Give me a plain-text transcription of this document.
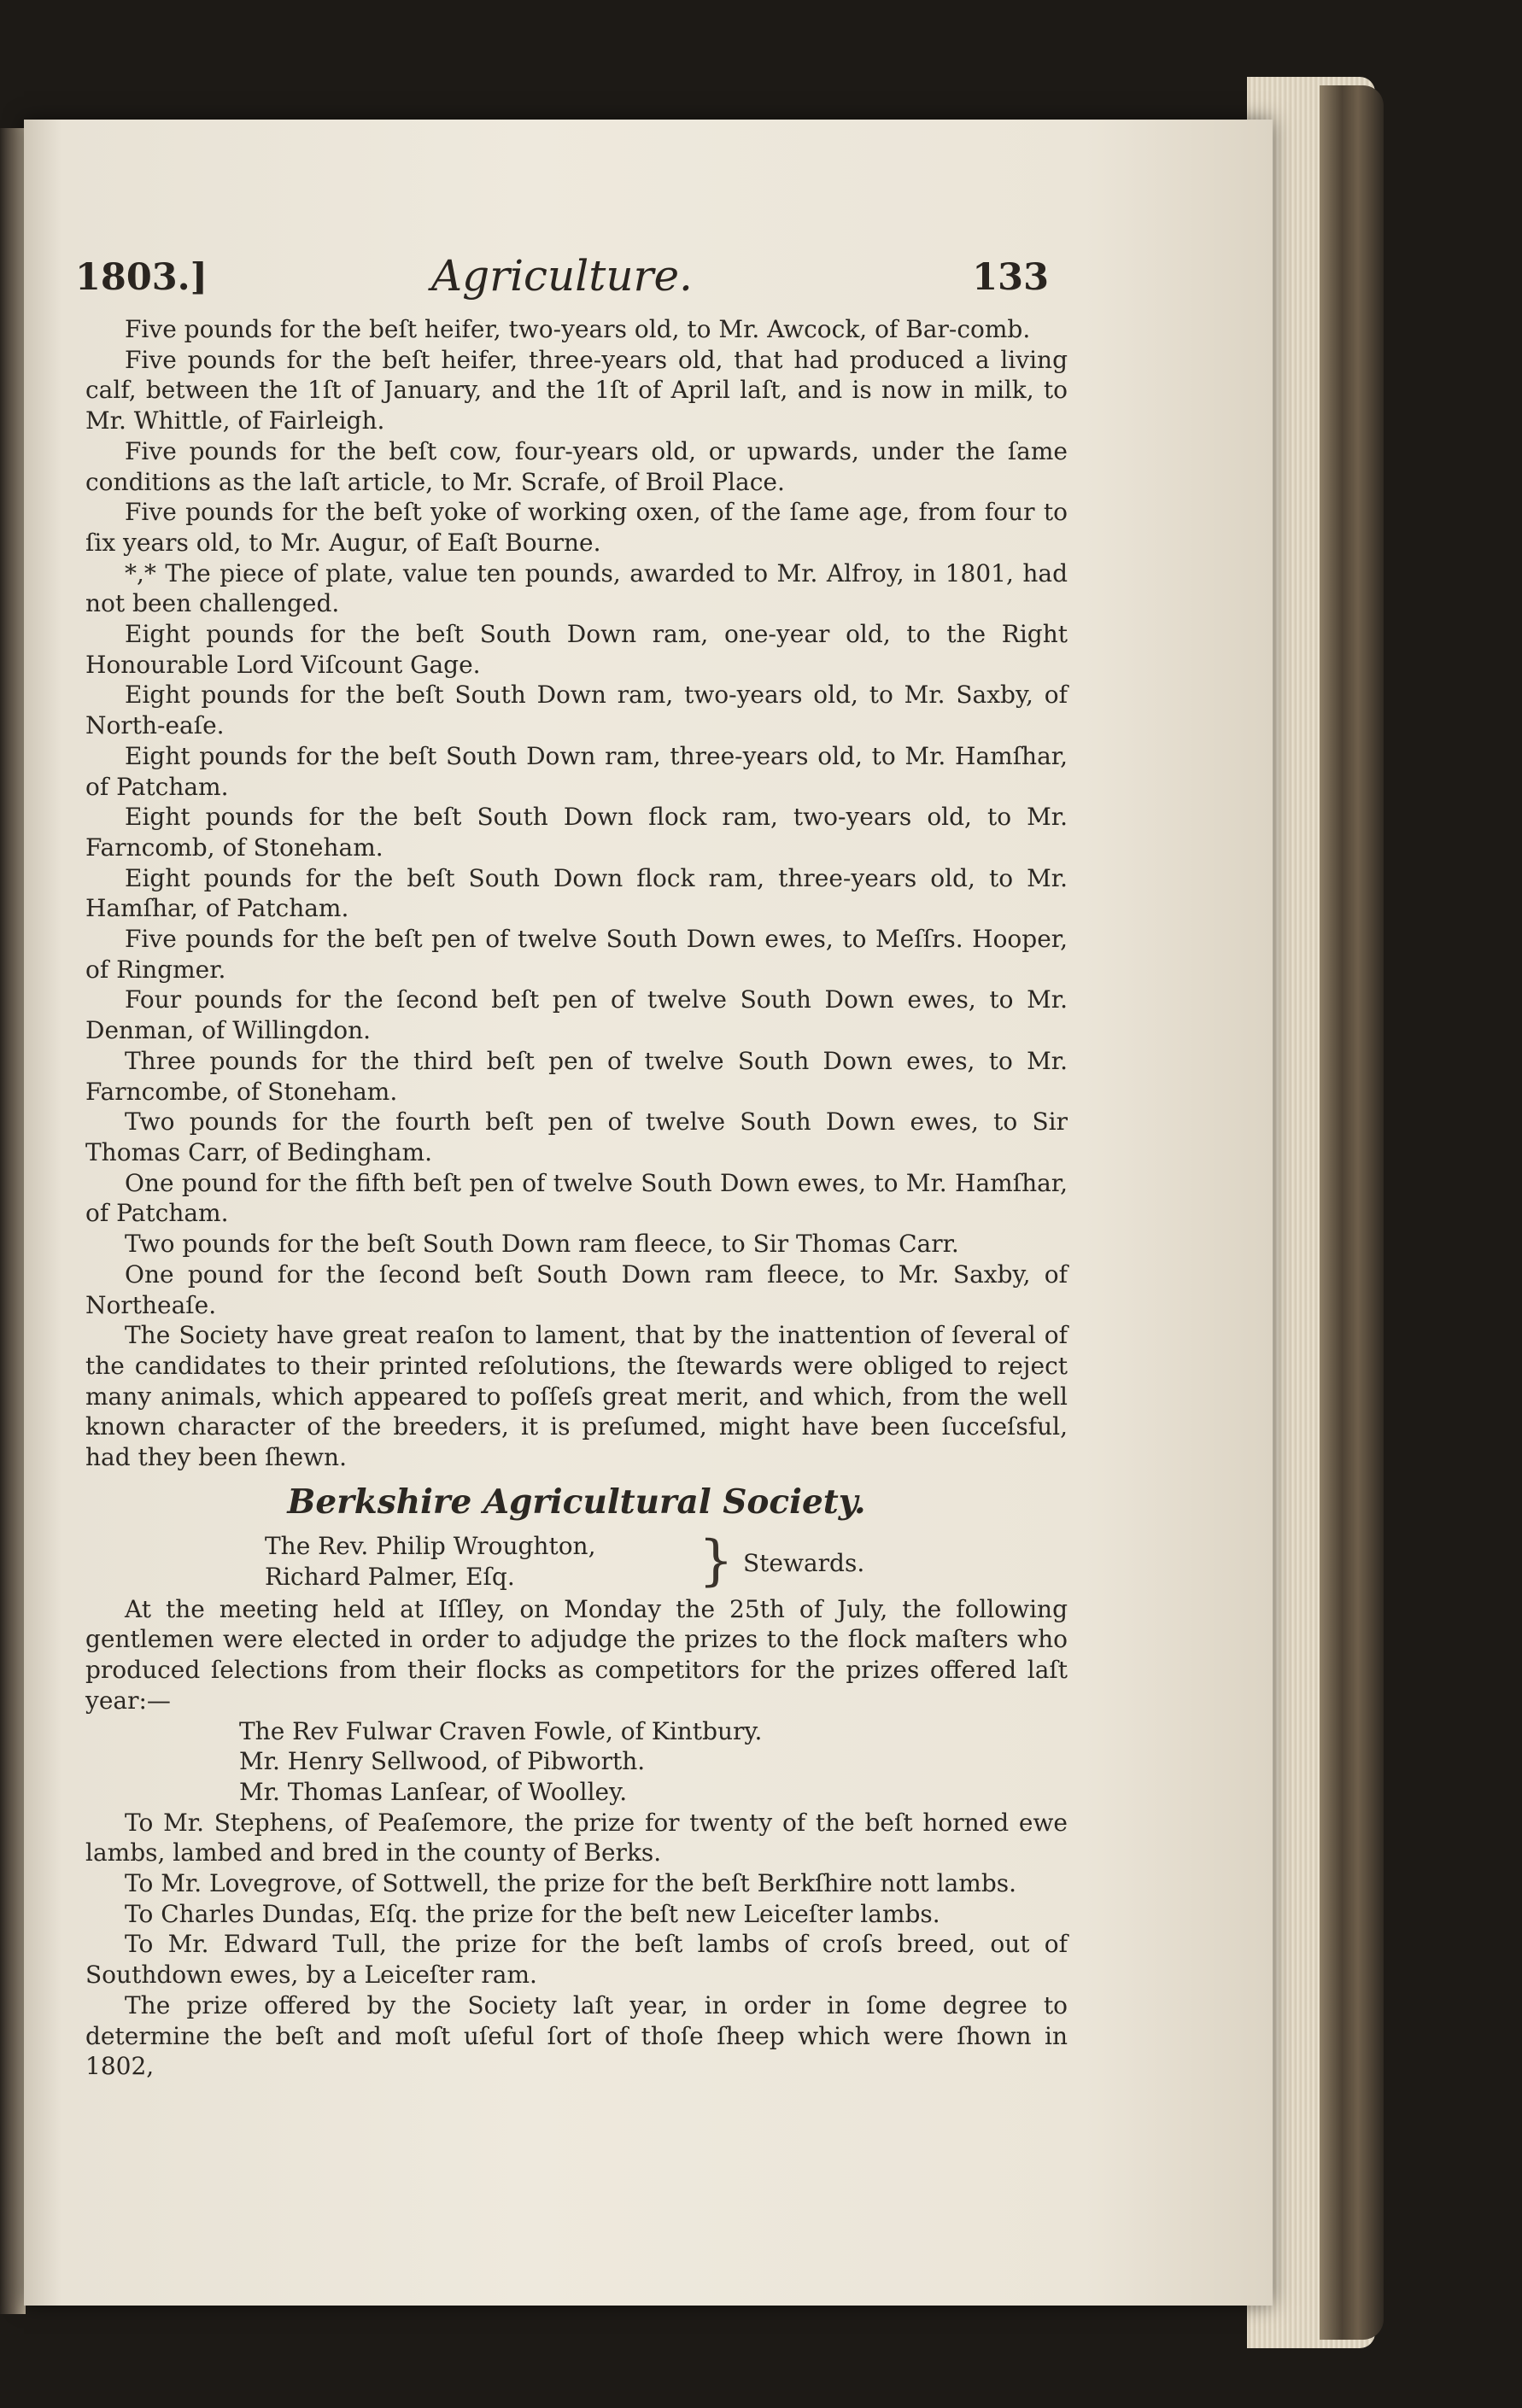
1803.]	Agriculture.	133

Five pounds for the beſt heifer, two-years old, to Mr. Awcock, of Bar-comb.

Five pounds for the beſt heifer, three-years old, that had produced a living calf, between the 1ſt of January, and the 1ſt of April laſt, and is now in milk, to Mr. Whittle, of Fairleigh.

Five pounds for the beſt cow, four-years old, or upwards, under the ſame conditions as the laſt article, to Mr. Scrafe, of Broil Place.

Five pounds for the beſt yoke of working oxen, of the ſame age, from four to ſix years old, to Mr. Augur, of Eaſt Bourne.

*,* The piece of plate, value ten pounds, awarded to Mr. Alfroy, in 1801, had not been challenged.

Eight pounds for the beſt South Down ram, one-year old, to the Right Honourable Lord Viſcount Gage.

Eight pounds for the beſt South Down ram, two-years old, to Mr. Saxby, of North-eaſe.

Eight pounds for the beſt South Down ram, three-years old, to Mr. Hamſhar, of Patcham.

Eight pounds for the beſt South Down flock ram, two-years old, to Mr. Farncomb, of Stoneham.

Eight pounds for the beſt South Down flock ram, three-years old, to Mr. Hamſhar, of Patcham.

Five pounds for the beſt pen of twelve South Down ewes, to Meſſrs. Hooper, of Ringmer.

Four pounds for the ſecond beſt pen of twelve South Down ewes, to Mr. Denman, of Willingdon.

Three pounds for the third beſt pen of twelve South Down ewes, to Mr. Farncombe, of Stoneham.

Two pounds for the fourth beſt pen of twelve South Down ewes, to Sir Thomas Carr, of Bedingham.

One pound for the fifth beſt pen of twelve South Down ewes, to Mr. Hamſhar, of Patcham.

Two pounds for the beſt South Down ram fleece, to Sir Thomas Carr.

One pound for the ſecond beſt South Down ram fleece, to Mr. Saxby, of Northeaſe.

The Society have great reaſon to lament, that by the inattention of ſeveral of the candidates to their printed reſolutions, the ſtewards were obliged to reject many animals, which appeared to poſſeſs great merit, and which, from the well known character of the breeders, it is preſumed, might have been ſucceſsful, had they been ſhewn.

Berkshire Agricultural Society.
The Rev. Philip Wroughton,
Richard Palmer, Eſq.	} Stewards.

At the meeting held at Iſſley, on Monday the 25th of July, the following gentlemen were elected in order to adjudge the prizes to the flock maſters who produced ſelections from their flocks as competitors for the prizes offered laſt year:—

The Rev Fulwar Craven Fowle, of Kintbury.
Mr. Henry Sellwood, of Pibworth.
Mr. Thomas Lanſear, of Woolley.

To Mr. Stephens, of Peaſemore, the prize for twenty of the beſt horned ewe lambs, lambed and bred in the county of Berks.

To Mr. Lovegrove, of Sottwell, the prize for the beſt Berkſhire nott lambs.

To Charles Dundas, Eſq. the prize for the beſt new Leiceſter lambs.

To Mr. Edward Tull, the prize for the beſt lambs of croſs breed, out of Southdown ewes, by a Leiceſter ram.

The prize offered by the Society laſt year, in order in ſome degree to determine the beſt and moſt uſeful ſort of thoſe ſheep which were ſhown in 1802,
